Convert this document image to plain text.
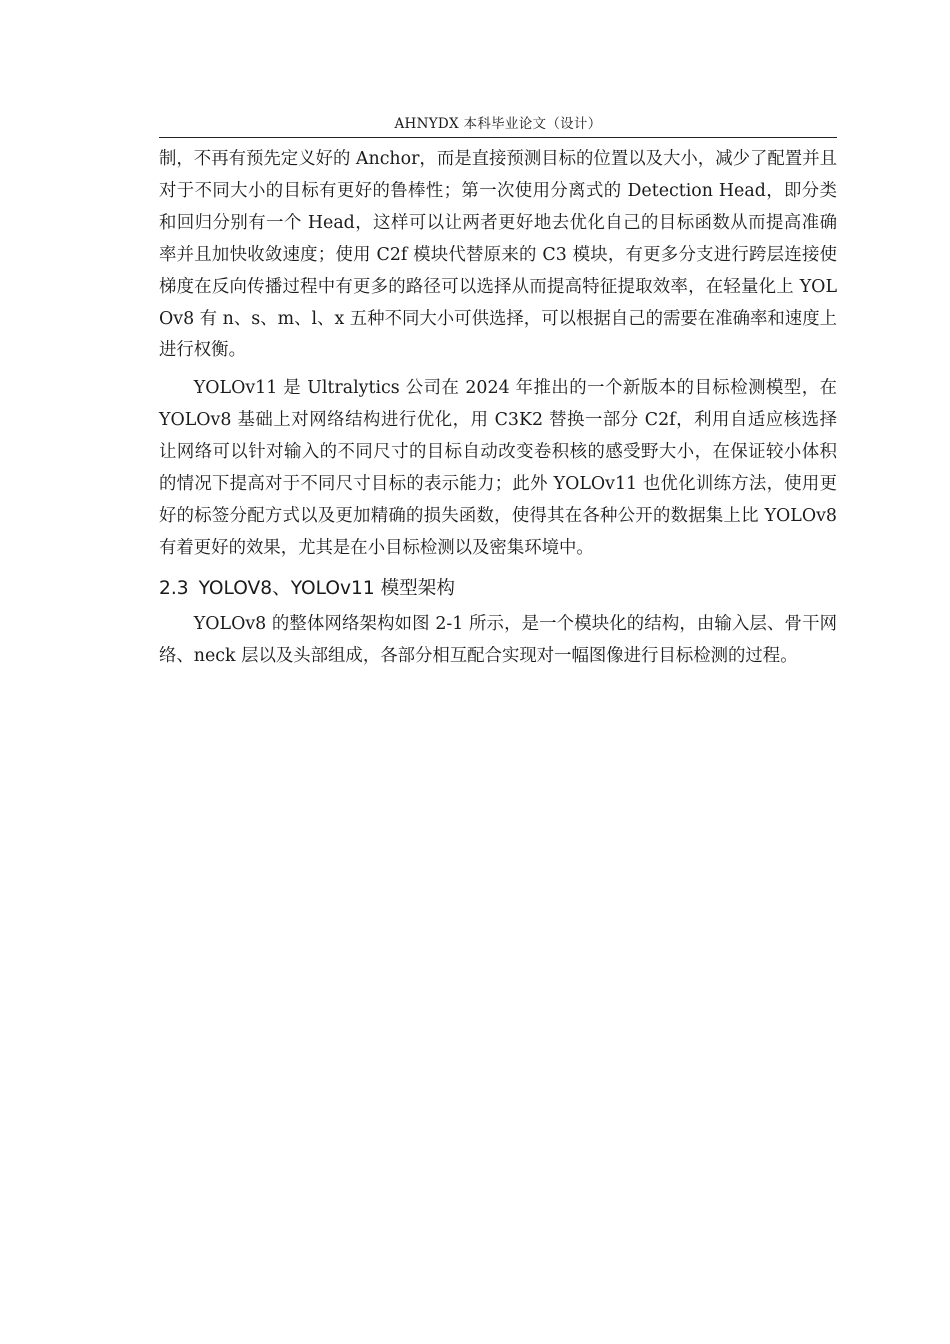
AHNYDX 本科毕业论文（设计）

制，不再有预先定义好的 Anchor，而是直接预测目标的位置以及大小，减少了配置并且对于不同大小的目标有更好的鲁棒性；第一次使用分离式的 Detection Head，即分类和回归分别有一个 Head，这样可以让两者更好地去优化自己的目标函数从而提高准确率并且加快收敛速度；使用 C2f 模块代替原来的 C3 模块，有更多分支进行跨层连接使梯度在反向传播过程中有更多的路径可以选择从而提高特征提取效率，在轻量化上 YOLOv8 有 n、s、m、l、x 五种不同大小可供选择，可以根据自己的需要在准确率和速度上进行权衡。

YOLOv11 是 Ultralytics 公司在 2024 年推出的一个新版本的目标检测模型，在 YOLOv8 基础上对网络结构进行优化，用 C3K2 替换一部分 C2f，利用自适应核选择让网络可以针对输入的不同尺寸的目标自动改变卷积核的感受野大小，在保证较小体积的情况下提高对于不同尺寸目标的表示能力；此外 YOLOv11 也优化训练方法，使用更好的标签分配方式以及更加精确的损失函数，使得其在各种公开的数据集上比 YOLOv8 有着更好的效果，尤其是在小目标检测以及密集环境中。

2.3 YOLOV8、YOLOv11 模型架构

YOLOv8 的整体网络架构如图 2-1 所示，是一个模块化的结构，由输入层、骨干网络、neck 层以及头部组成，各部分相互配合实现对一幅图像进行目标检测的过程。
